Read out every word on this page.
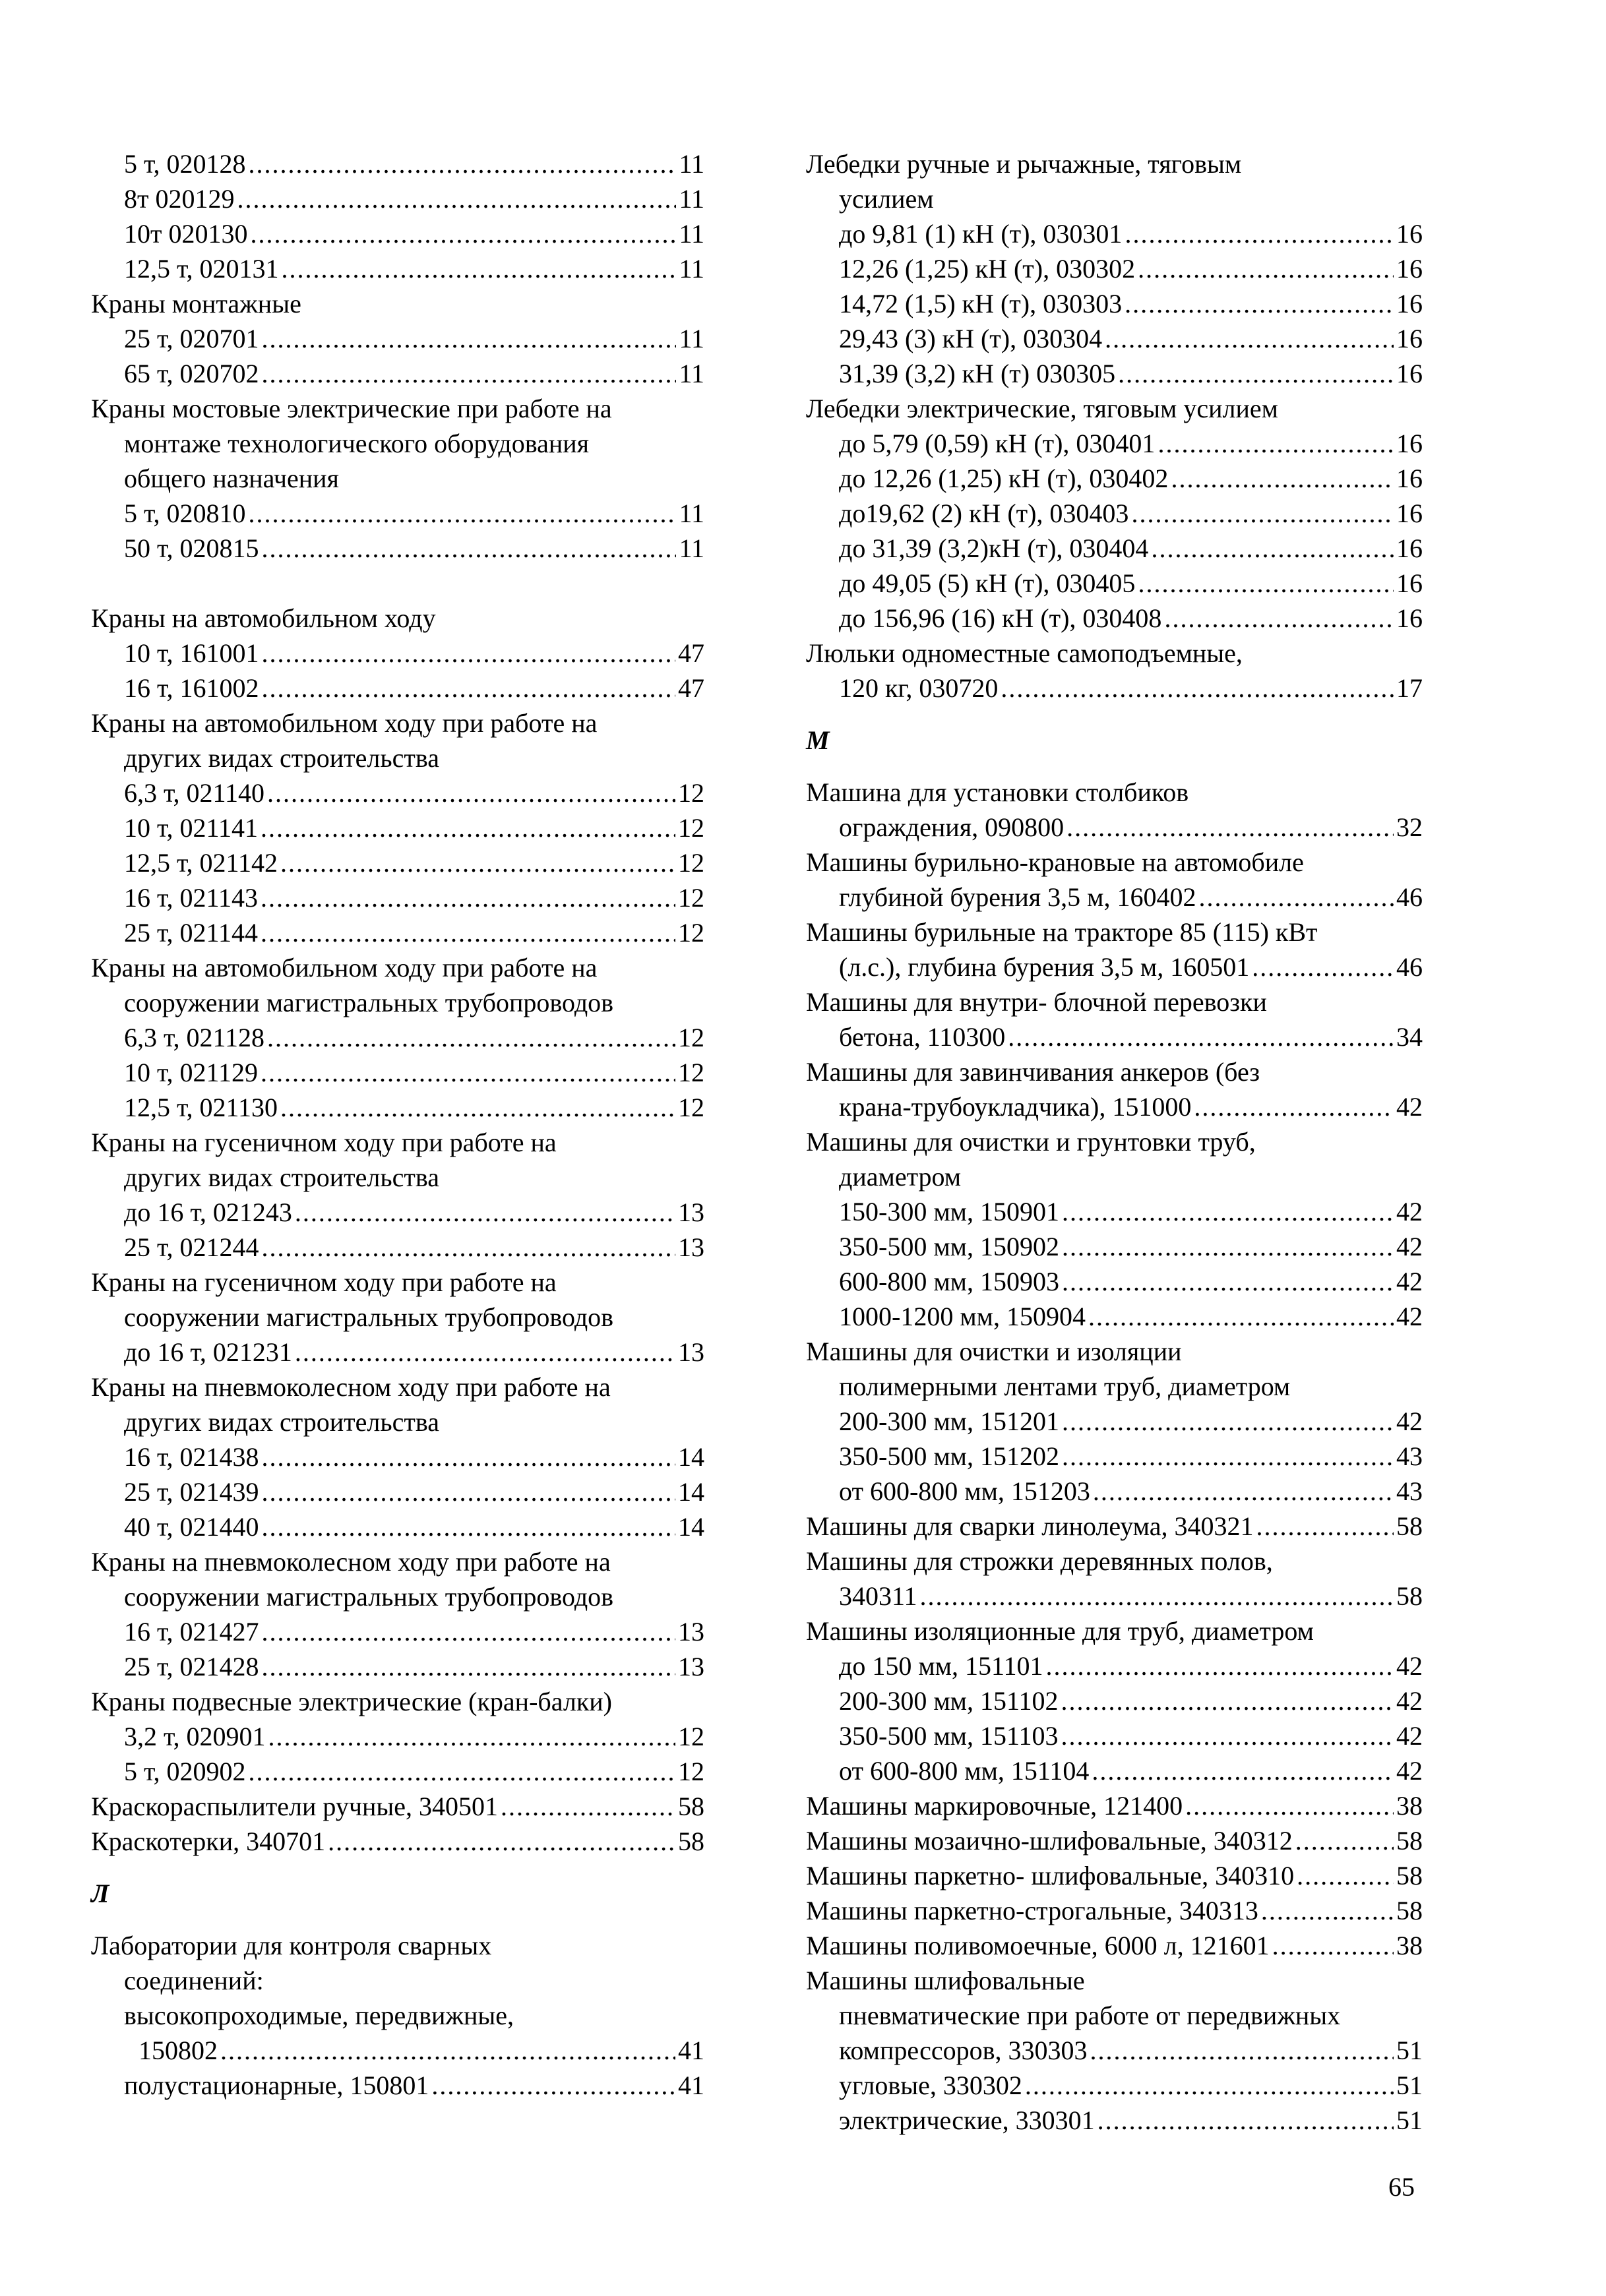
5 т, 020128 .....	11
8т 020129 .....	11
10т 020130 .....	11
12,5 т, 020131 .....	11
Краны монтажные
25 т, 020701 .....	11
65 т, 020702 .....	11
Краны мостовые электрические при работе на
монтаже технологического оборудования
общего назначения
5 т, 020810 .....	11
50 т, 020815 .....	11
Краны на автомобильном ходу
10 т, 161001 .....	47
16 т, 161002 .....	47
Краны на автомобильном ходу при работе на
других видах строительства
6,3 т, 021140 .....	12
10 т, 021141 .....	12
12,5 т, 021142 .....	12
16 т, 021143 .....	12
25 т, 021144 .....	12
Краны на автомобильном ходу при работе на
сооружении магистральных трубопроводов
6,3 т, 021128 .....	12
10 т, 021129 .....	12
12,5 т, 021130 .....	12
Краны на гусеничном ходу при работе на
других видах строительства
до 16 т, 021243 .....	13
25 т, 021244 .....	13
Краны на гусеничном ходу при работе на
сооружении магистральных трубопроводов
до 16 т, 021231 .....	13
Краны на пневмоколесном ходу при работе на
других видах строительства
16 т, 021438 .....	14
25 т, 021439 .....	14
40 т, 021440 .....	14
Краны на пневмоколесном ходу при работе на
сооружении магистральных трубопроводов
16 т, 021427 .....	13
25 т, 021428 .....	13
Краны подвесные электрические (кран-балки)
3,2 т, 020901 .....	12
5 т, 020902 .....	12
Краскораспылители ручные, 340501 .....	58
Краскотерки, 340701 .....	58
Л
Лаборатории для контроля сварных
соединений:
высокопроходимые, передвижные,
150802 .....	41
полустационарные, 150801 .....	41
Лебедки ручные и рычажные, тяговым
усилием
до 9,81 (1) кН (т), 030301 .....	16
12,26 (1,25) кН (т), 030302 .....	16
14,72 (1,5) кН (т), 030303 .....	16
29,43 (3) кН (т), 030304 .....	16
31,39 (3,2) кН (т) 030305 .....	16
Лебедки электрические, тяговым усилием
до 5,79 (0,59) кН (т), 030401 .....	16
до 12,26 (1,25) кН (т), 030402 .....	16
до19,62 (2) кН (т), 030403 .....	16
до 31,39 (3,2)кН (т), 030404 .....	16
до 49,05 (5) кН (т), 030405 .....	16
до 156,96 (16) кН (т), 030408 .....	16
Люльки одноместные самоподъемные,
120 кг, 030720 .....	17
М
Машина для установки столбиков
ограждения, 090800 .....	32
Машины бурильно-крановые на автомобиле
глубиной бурения 3,5 м, 160402 .....	46
Машины бурильные на тракторе 85 (115) кВт
(л.с.), глубина бурения 3,5 м, 160501 .....	46
Машины для внутри- блочной перевозки
бетона, 110300 .....	34
Машины для завинчивания анкеров (без
крана-трубоукладчика), 151000 .....	42
Машины для очистки и грунтовки труб,
диаметром
150-300 мм, 150901 .....	42
350-500 мм, 150902 .....	42
600-800 мм, 150903 .....	42
1000-1200 мм, 150904 .....	42
Машины для очистки и изоляции
полимерными лентами труб, диаметром
200-300 мм, 151201 .....	42
350-500 мм, 151202 .....	43
от 600-800 мм, 151203 .....	43
Машины для сварки линолеума, 340321 .....	58
Машины для строжки деревянных полов,
340311 .....	58
Машины изоляционные для труб, диаметром
до 150 мм, 151101 .....	42
200-300 мм, 151102 .....	42
350-500 мм, 151103 .....	42
от 600-800 мм, 151104 .....	42
Машины маркировочные, 121400 .....	38
Машины мозаично-шлифовальные, 340312 .....	58
Машины паркетно- шлифовальные, 340310 .....	58
Машины паркетно-строгальные, 340313 .....	58
Машины поливомоечные, 6000 л, 121601 .....	38
Машины шлифовальные
пневматические при работе от передвижных
компрессоров, 330303 .....	51
угловые, 330302 .....	51
электрические, 330301 .....	51
65
